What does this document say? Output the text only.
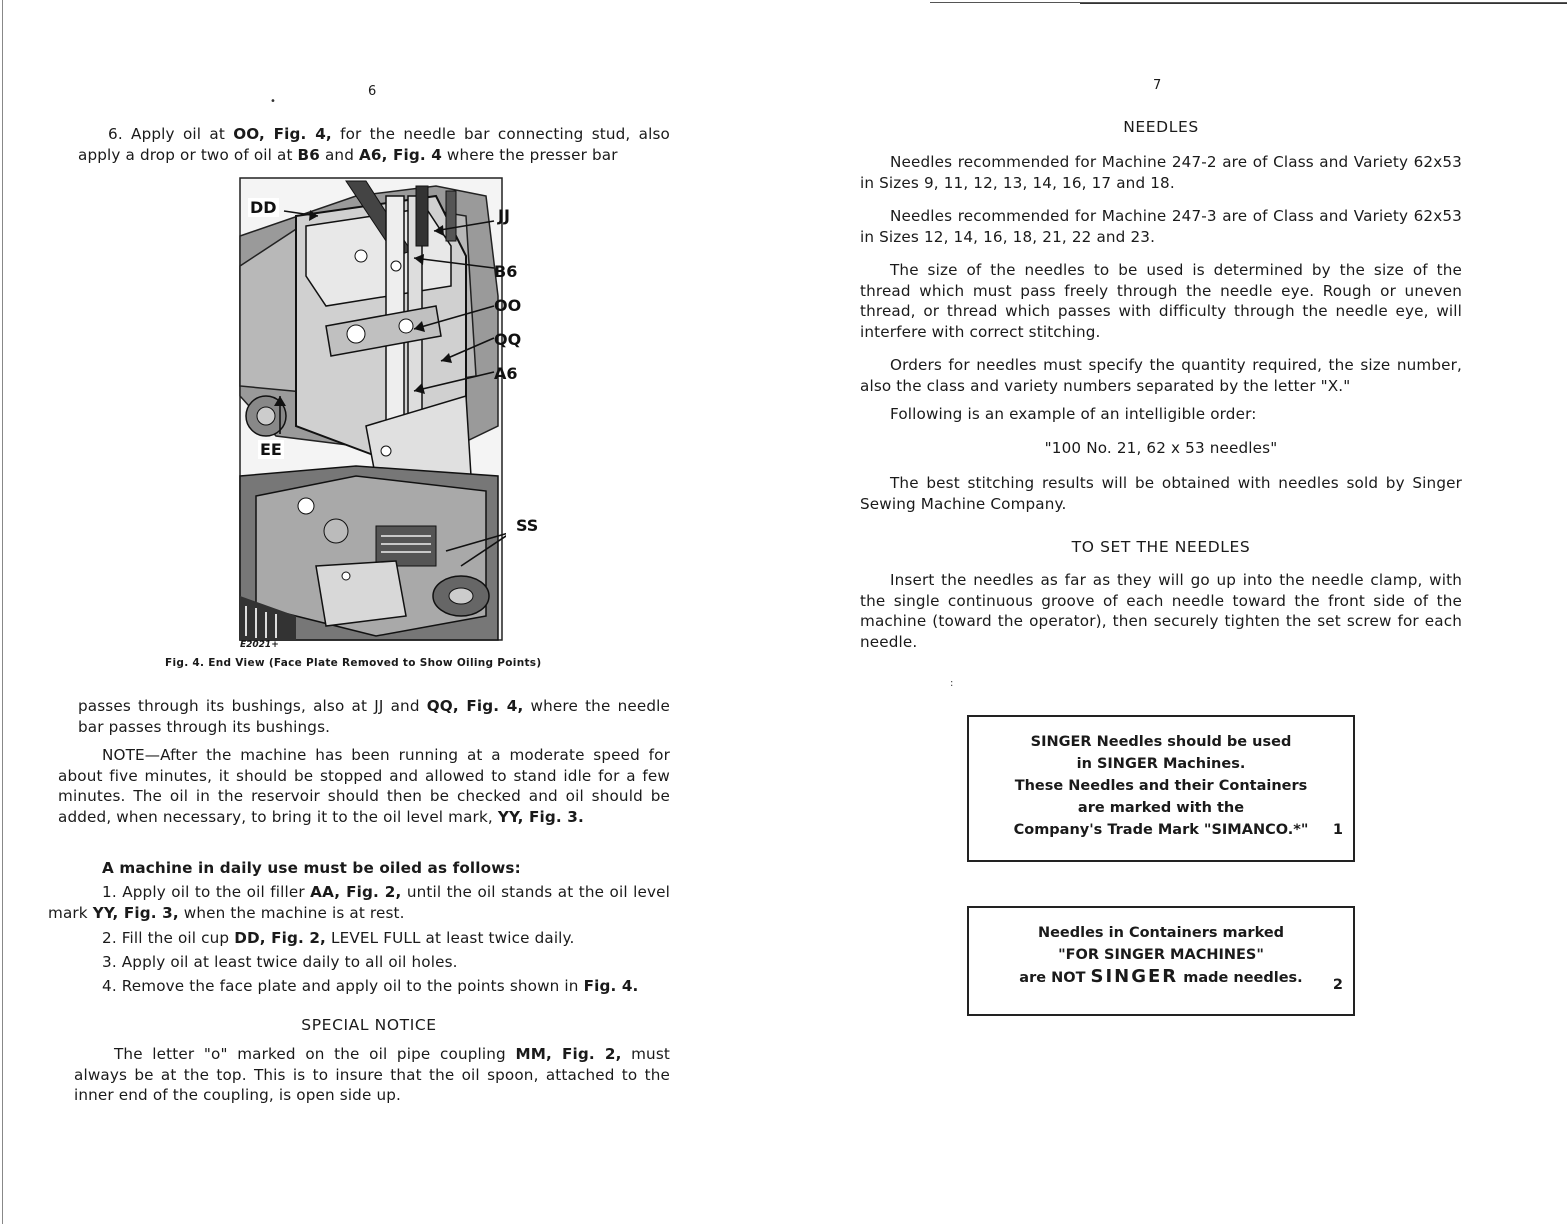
6
•
6. Apply oil at OO, Fig. 4, for the needle bar connecting stud, also apply a drop or two of oil at B6 and A6, Fig. 4 where the presser bar
DD	JJ
B6
OO
QQ
A6
EE
SS
E2021+
Fig. 4. End View (Face Plate Removed to Show Oiling Points)
passes through its bushings, also at JJ and QQ, Fig. 4, where the needle bar passes through its bushings.
NOTE—After the machine has been running at a moderate speed for about five minutes, it should be stopped and allowed to stand idle for a few minutes. The oil in the reservoir should then be checked and oil should be added, when necessary, to bring it to the oil level mark, YY, Fig. 3.
A machine in daily use must be oiled as follows:
1. Apply oil to the oil filler AA, Fig. 2, until the oil stands at the oil level mark YY, Fig. 3, when the machine is at rest.
2. Fill the oil cup DD, Fig. 2, LEVEL FULL at least twice daily.
3. Apply oil at least twice daily to all oil holes.
4. Remove the face plate and apply oil to the points shown in Fig. 4.
SPECIAL NOTICE
The letter "o" marked on the oil pipe coupling MM, Fig. 2, must always be at the top. This is to insure that the oil spoon, attached to the inner end of the coupling, is open side up.
7
NEEDLES
Needles recommended for Machine 247-2 are of Class and Variety 62x53 in Sizes 9, 11, 12, 13, 14, 16, 17 and 18.
Needles recommended for Machine 247-3 are of Class and Variety 62x53 in Sizes 12, 14, 16, 18, 21, 22 and 23.
The size of the needles to be used is determined by the size of the thread which must pass freely through the needle eye. Rough or uneven thread, or thread which passes with difficulty through the needle eye, will interfere with correct stitching.
Orders for needles must specify the quantity required, the size number, also the class and variety numbers separated by the letter "X."
Following is an example of an intelligible order:
"100 No. 21, 62 x 53 needles"
The best stitching results will be obtained with needles sold by Singer Sewing Machine Company.
TO SET THE NEEDLES
Insert the needles as far as they will go up into the needle clamp, with the single continuous groove of each needle toward the front side of the machine (toward the operator), then securely tighten the set screw for each needle.
:
SINGER Needles should be used
in SINGER Machines.
These Needles and their Containers
are marked with the
Company's Trade Mark "SIMANCO.*"	1
Needles in Containers marked
"FOR SINGER MACHINES"
are NOT SINGER made needles.	2
